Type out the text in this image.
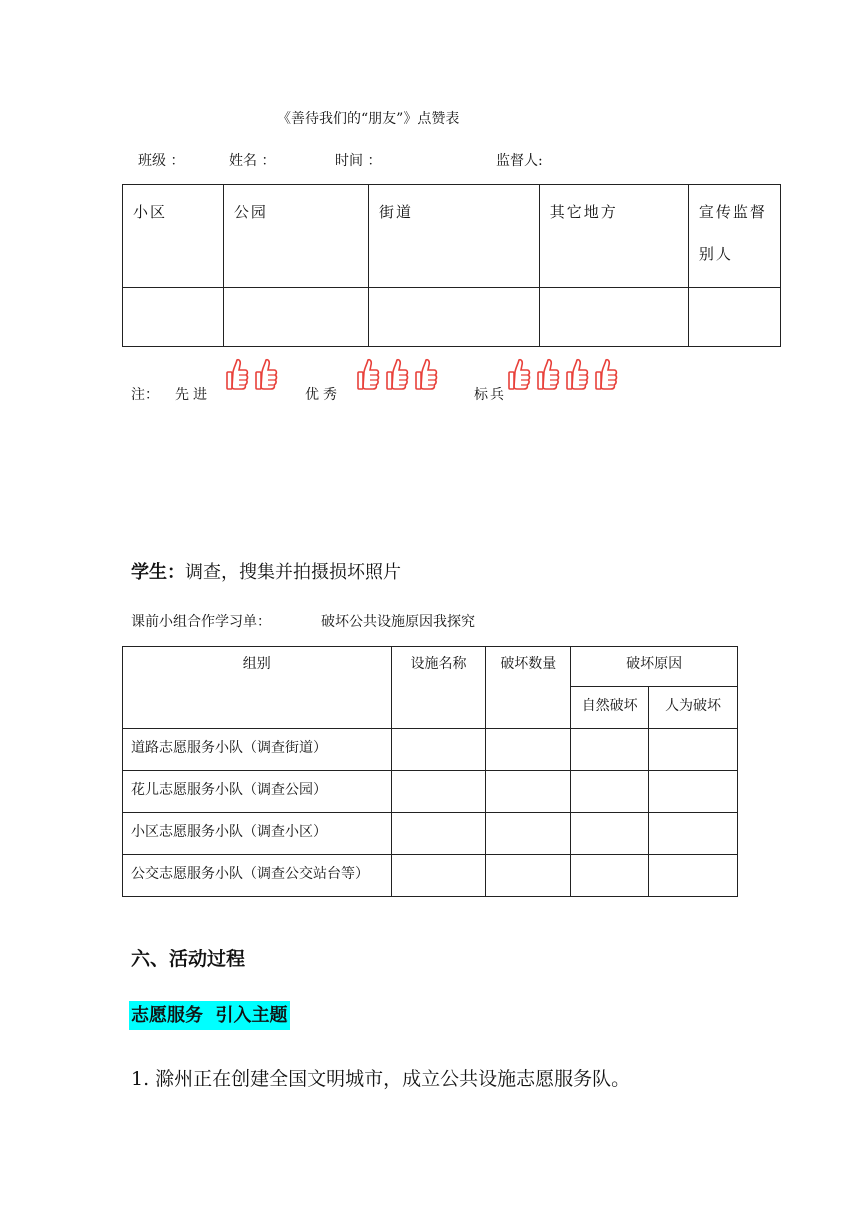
《善待我们的“朋友”》点赞表
班级 ：	姓名 ：	时间 ：	监督人:
小区	公园	街道	其它地方	宣传监督别人

注： 先进	优秀	标兵
学生：调查，搜集并拍摄损坏照片
课前小组合作学习单：	破坏公共设施原因我探究
组别	设施名称	破坏数量	破坏原因	
			自然破坏	人为破坏
道路志愿服务小队（调查街道）				
花儿志愿服务小队（调查公园）				
小区志愿服务小队（调查小区）				
公交志愿服务小队（调查公交站台等）				
六、活动过程
志愿服务  引入主题
1. 滁州正在创建全国文明城市，成立公共设施志愿服务队。
